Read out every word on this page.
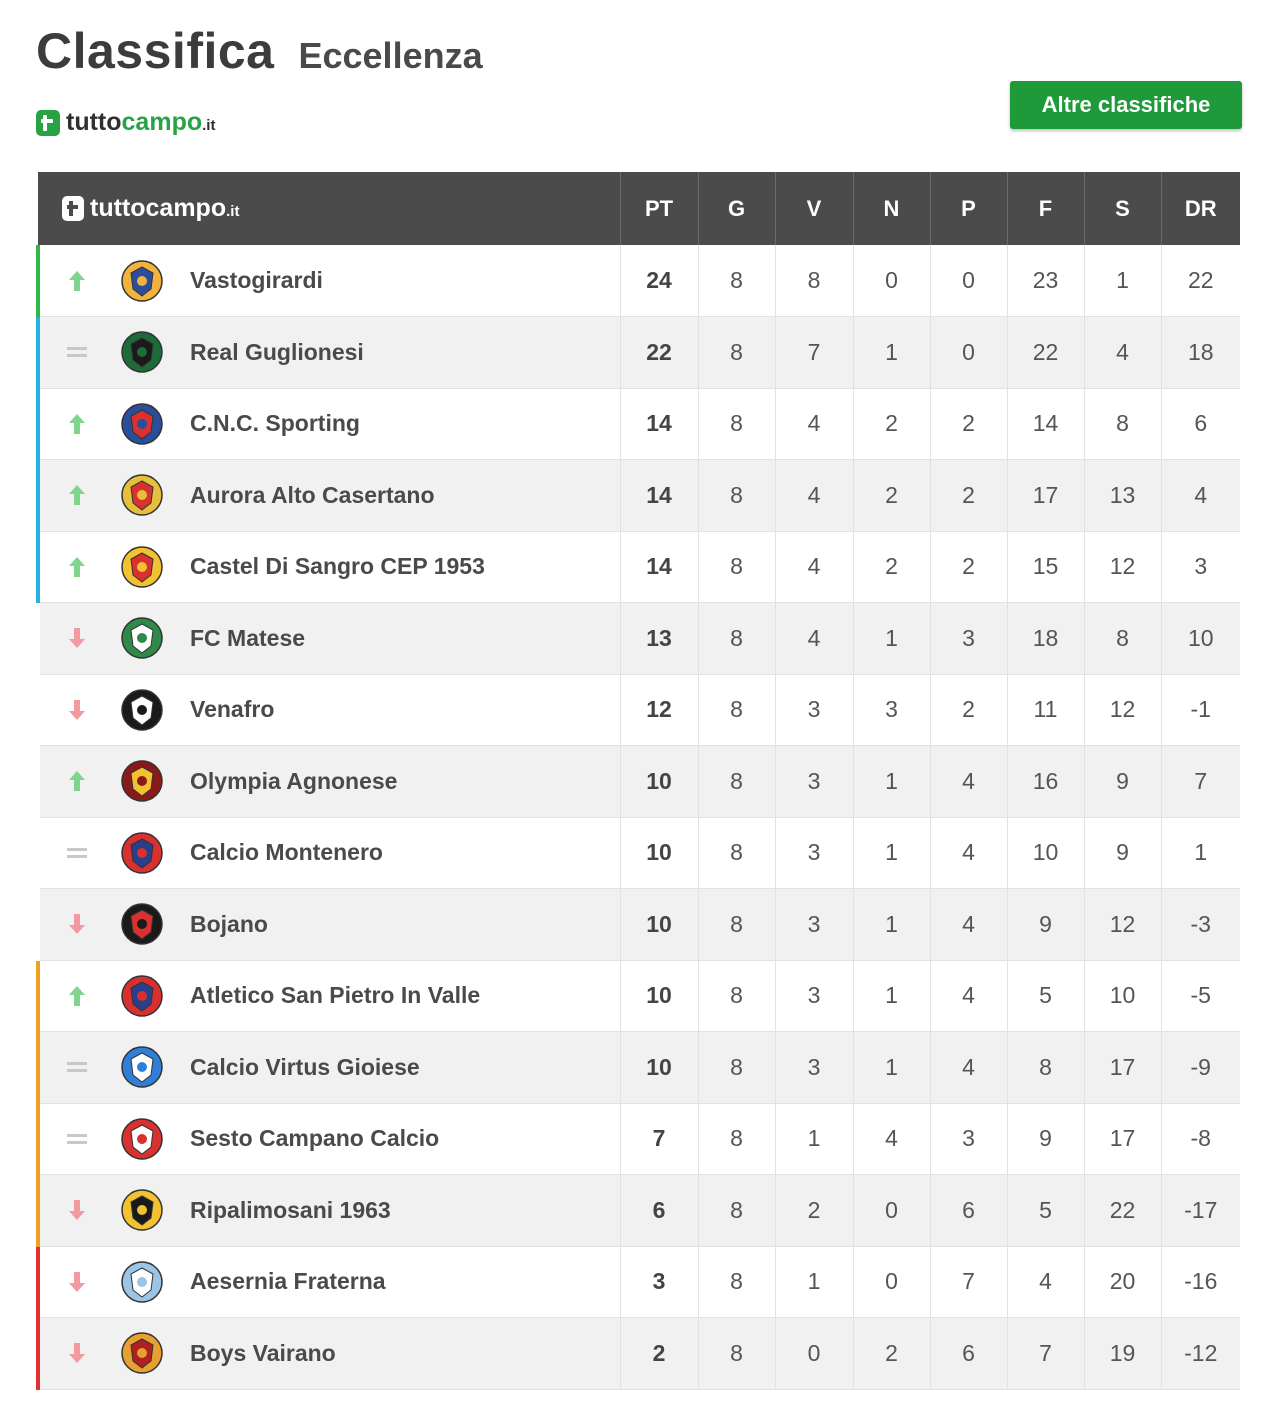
Classifica Eccellenza
tuttocampo.it
Altre classifiche
tuttocampo.it	PT	G	V	N	P	F	S	DR

Vastogirardi	24	8	8	0	0	23	1	22

Real Guglionesi	22	8	7	1	0	22	4	18

C.N.C. Sporting	14	8	4	2	2	14	8	6

Aurora Alto Casertano	14	8	4	2	2	17	13	4

Castel Di Sangro CEP 1953	14	8	4	2	2	15	12	3

FC Matese	13	8	4	1	3	18	8	10

Venafro	12	8	3	3	2	11	12	-1

Olympia Agnonese	10	8	3	1	4	16	9	7

Calcio Montenero	10	8	3	1	4	10	9	1

Bojano	10	8	3	1	4	9	12	-3

Atletico San Pietro In Valle	10	8	3	1	4	5	10	-5

Calcio Virtus Gioiese	10	8	3	1	4	8	17	-9

Sesto Campano Calcio	7	8	1	4	3	9	17	-8

Ripalimosani 1963	6	8	2	0	6	5	22	-17

Aesernia Fraterna	3	8	1	0	7	4	20	-16

Boys Vairano	2	8	0	2	6	7	19	-12
